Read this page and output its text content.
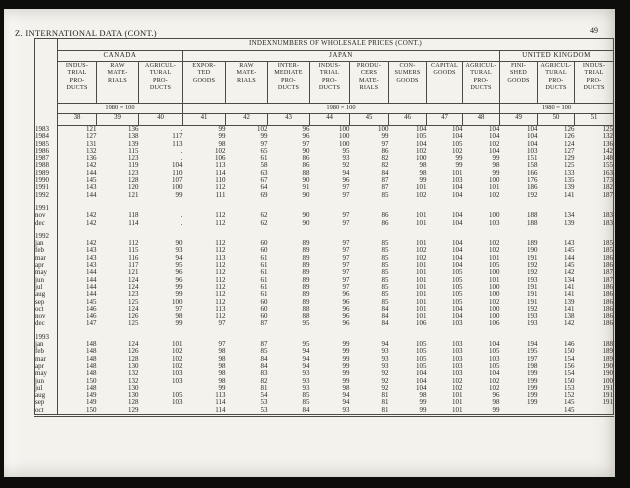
Z. INTERNATIONAL DATA (CONT.)	49
	INDEXNUMBERS OF WHOLESALE PRICES (CONT.)													
	CANADA			JAPAN								UNITED KINGDOM		
	INDUS-
TRIAL
PRO-
DUCTS	RAW
MATE-
RIALS	AGRICUL-
TURAL
PRO-
DUCTS	EXPOR-
TED
GOODS	RAW
MATE-
RIALS	INTER-
MEDIATE
PRO-
DUCTS	INDUS-
TRIAL
PRO-
DUCTS	PRODU-
CERS
MATE-
RIALS	CON-
SUMERS
GOODS	CAPITAL
GOODS	AGRICUL-
TURAL
PRO-
DUCTS	FINI-
SHED
GOODS	AGRICUL-
TURAL
PRO-
DUCTS	INDUS-
TRIAL
PRO-
DUCTS
	1980 = 100			1980 = 100								1980 = 100		
	38	39	40	41	42	43	44	45	46	47	48	49	50	51
1983	121	136	.	99	102	96	100	100	104	104	104	104	126	125
1984	127	138	117	99	99	96	100	99	105	104	104	104	126	132
1985	131	139	113	98	97	97	100	97	104	105	102	104	124	136
1986	132	115	.	102	65	90	95	86	102	102	104	103	127	142
1987	136	123	.	106	61	86	93	82	100	99	99	151	129	148
1988	142	119	104	113	58	86	92	82	98	99	98	158	125	155
1989	144	123	110	114	63	88	94	84	98	101	99	166	133	163
1990	145	128	107	110	67	90	96	87	99	103	100	176	135	173
1991	143	120	100	112	64	91	97	87	101	104	101	186	139	182
1992	144	121	99	111	69	90	97	85	102	104	102	192	141	187

1991														
nov	142	118	.	112	62	90	97	86	101	104	100	188	134	183
dec	142	114	.	112	62	90	97	86	101	104	103	188	139	183

1992														
jan	142	112	90	112	60	89	97	85	101	104	102	189	143	185
feb	143	115	93	112	60	89	97	85	102	104	102	190	145	185
mar	143	116	94	113	61	89	97	85	102	104	101	191	144	186
apr	143	117	95	112	61	89	97	85	101	104	105	192	145	186
may	144	121	96	112	61	89	97	85	101	105	100	192	142	187
jun	144	124	96	112	61	89	97	85	101	105	101	193	134	187
jul	144	124	99	112	61	89	97	85	101	105	100	191	141	186
aug	144	123	99	112	61	89	96	85	101	105	100	191	141	186
sep	145	125	100	112	60	89	96	85	101	105	102	191	139	186
oct	146	124	97	113	60	88	96	84	101	104	100	192	141	186
nov	146	126	98	112	60	88	96	84	101	104	100	193	138	186
dec	147	125	99	97	87	95	96	84	106	103	106	193	142	186

1993														
jan	148	124	101	97	87	95	99	94	105	103	104	194	146	188
feb	148	126	102	98	85	94	99	93	105	103	105	195	150	189
mar	148	128	102	98	84	94	99	93	105	103	103	197	154	189
apr	148	130	102	98	84	94	99	93	105	103	105	198	156	190
may	148	132	103	98	83	93	99	92	104	103	104	199	154	190
jun	150	132	103	98	82	93	99	92	104	102	102	199	150	100
jul	148	130		99	81	93	98	92	104	102	102	199	153	191
aug	149	130	105	113	54	85	94	81	98	101	96	199	152	191
sep	149	128	103	114	53	85	94	81	99	101	98	199	145	191
oct	150	129		114	53	84	93	81	99	101	99		145	
